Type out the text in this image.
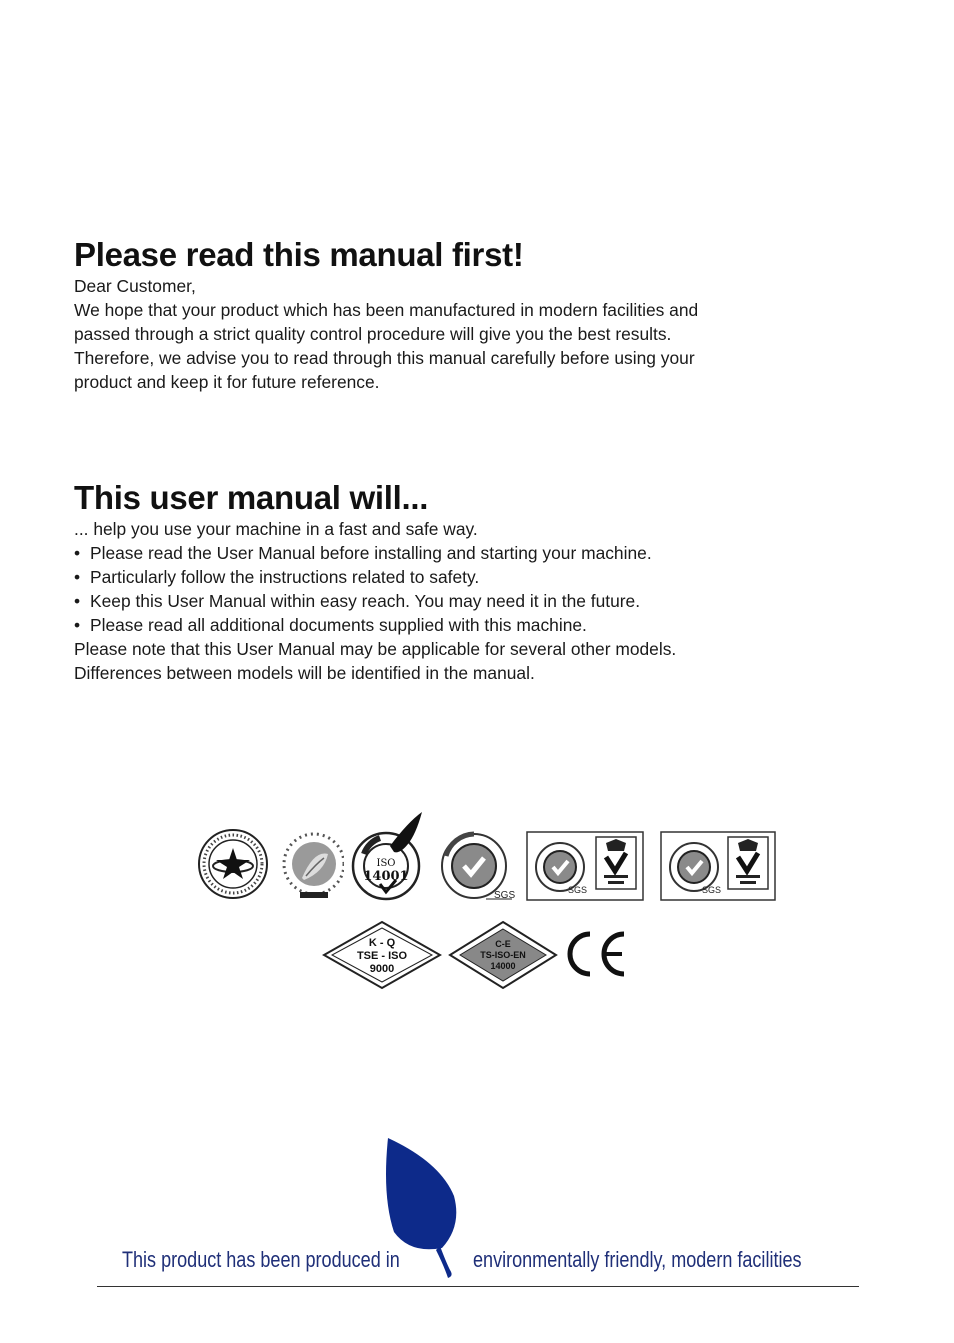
Please read this manual first!

Dear Customer,

We hope that your product which has been manufactured in modern facilities and passed through a strict quality control procedure will give you the best results.

Therefore, we advise you to read through this manual carefully before using your product and keep it for future reference.

This user manual will...

... help you use your machine in a fast and safe way.

• Please read the User Manual before installing and starting your machine.
• Particularly follow the instructions related to safety.
• Keep this User Manual within easy reach. You may need it in the future.
• Please read all additional documents supplied with this machine.

Please note that this User Manual may be applicable for several other models. Differences between models will be identified in the manual.

ISO
14001
SGS	SGS	SGS
K - Q
TSE - ISO
9000
C-E
TS-ISO-EN
14000
CE
This product has been produced in	environmentally friendly, modern facilities
